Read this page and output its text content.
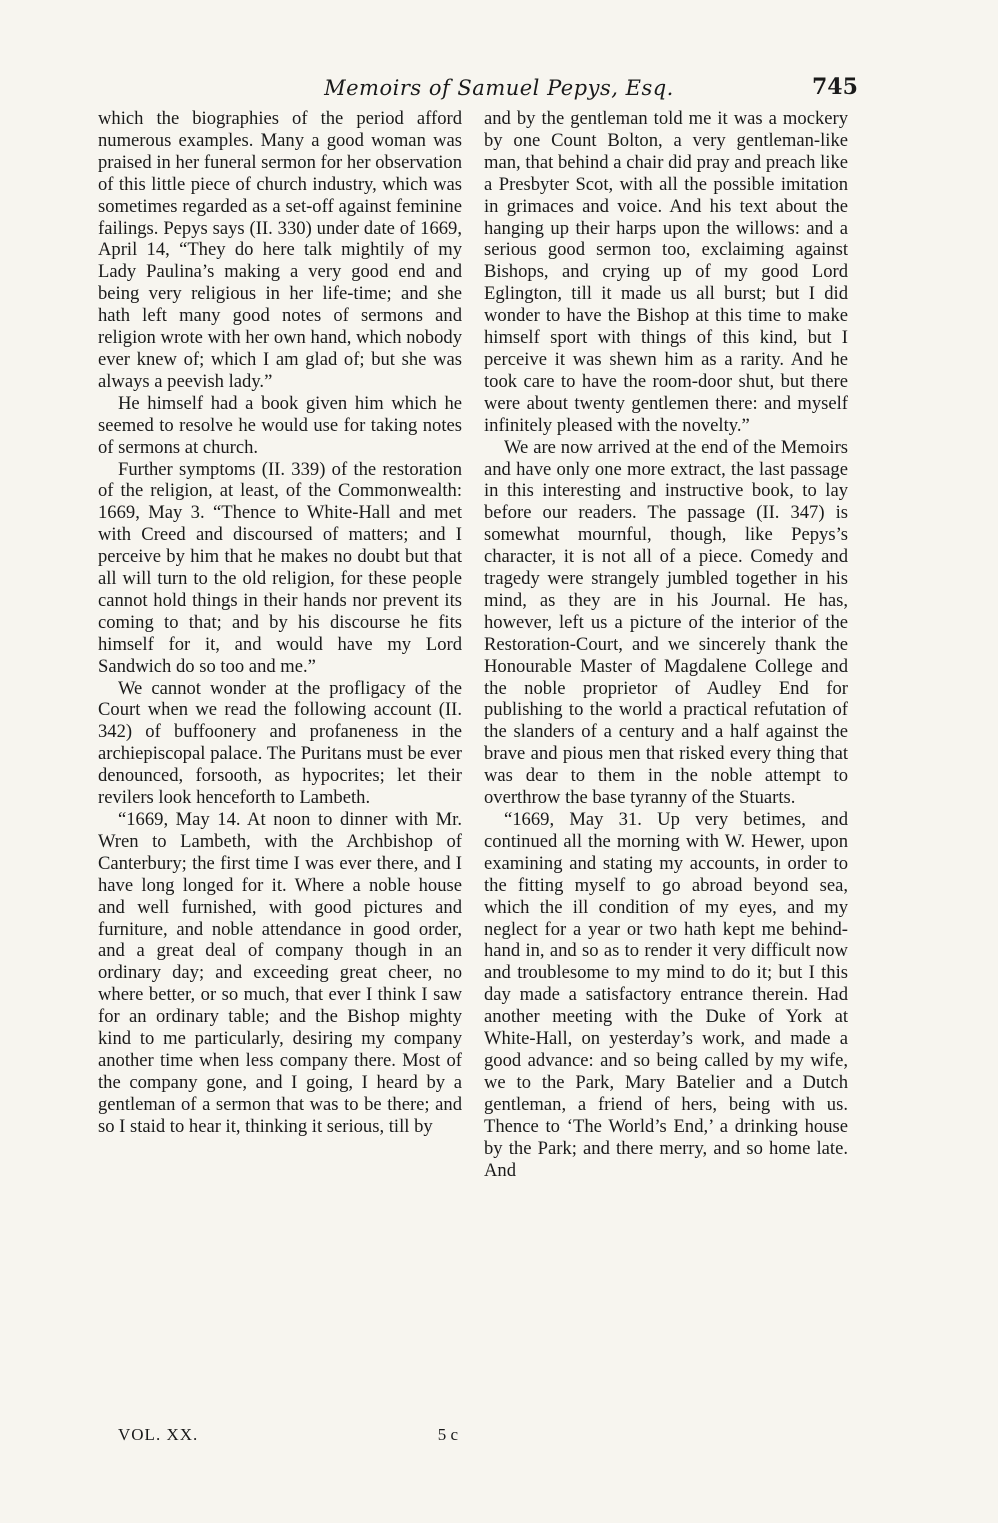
Memoirs of Samuel Pepys, Esq.	745

which the biographies of the period afford numerous examples. Many a good woman was praised in her funeral sermon for her observation of this little piece of church industry, which was sometimes regarded as a set-off against feminine failings. Pepys says (II. 330) under date of 1669, April 14, “They do here talk mightily of my Lady Paulina’s making a very good end and being very religious in her life-time; and she hath left many good notes of sermons and religion wrote with her own hand, which nobody ever knew of; which I am glad of; but she was always a peevish lady.”

He himself had a book given him which he seemed to resolve he would use for taking notes of sermons at church.

Further symptoms (II. 339) of the restoration of the religion, at least, of the Commonwealth: 1669, May 3. “Thence to White-Hall and met with Creed and discoursed of matters; and I perceive by him that he makes no doubt but that all will turn to the old religion, for these people cannot hold things in their hands nor prevent its coming to that; and by his discourse he fits himself for it, and would have my Lord Sandwich do so too and me.”

We cannot wonder at the profligacy of the Court when we read the following account (II. 342) of buffoonery and profaneness in the archiepiscopal palace. The Puritans must be ever denounced, forsooth, as hypocrites; let their revilers look henceforth to Lambeth.

“1669, May 14. At noon to dinner with Mr. Wren to Lambeth, with the Archbishop of Canterbury; the first time I was ever there, and I have long longed for it. Where a noble house and well furnished, with good pictures and furniture, and noble attendance in good order, and a great deal of company though in an ordinary day; and exceeding great cheer, no where better, or so much, that ever I think I saw for an ordinary table; and the Bishop mighty kind to me particularly, desiring my company another time when less company there. Most of the company gone, and I going, I heard by a gentleman of a sermon that was to be there; and so I staid to hear it, thinking it serious, till by

and by the gentleman told me it was a mockery by one Count Bolton, a very gentleman-like man, that behind a chair did pray and preach like a Presbyter Scot, with all the possible imitation in grimaces and voice. And his text about the hanging up their harps upon the willows: and a serious good sermon too, exclaiming against Bishops, and crying up of my good Lord Eglington, till it made us all burst; but I did wonder to have the Bishop at this time to make himself sport with things of this kind, but I perceive it was shewn him as a rarity. And he took care to have the room-door shut, but there were about twenty gentlemen there: and myself infinitely pleased with the novelty.”

We are now arrived at the end of the Memoirs and have only one more extract, the last passage in this interesting and instructive book, to lay before our readers. The passage (II. 347) is somewhat mournful, though, like Pepys’s character, it is not all of a piece. Comedy and tragedy were strangely jumbled together in his mind, as they are in his Journal. He has, however, left us a picture of the interior of the Restoration-Court, and we sincerely thank the Honourable Master of Magdalene College and the noble proprietor of Audley End for publishing to the world a practical refutation of the slanders of a century and a half against the brave and pious men that risked every thing that was dear to them in the noble attempt to overthrow the base tyranny of the Stuarts.

“1669, May 31. Up very betimes, and continued all the morning with W. Hewer, upon examining and stating my accounts, in order to the fitting myself to go abroad beyond sea, which the ill condition of my eyes, and my neglect for a year or two hath kept me behind-hand in, and so as to render it very difficult now and troublesome to my mind to do it; but I this day made a satisfactory entrance therein. Had another meeting with the Duke of York at White-Hall, on yesterday’s work, and made a good advance: and so being called by my wife, we to the Park, Mary Batelier and a Dutch gentleman, a friend of hers, being with us. Thence to ‘The World’s End,’ a drinking house by the Park; and there merry, and so home late. And

VOL. XX.	5 c
